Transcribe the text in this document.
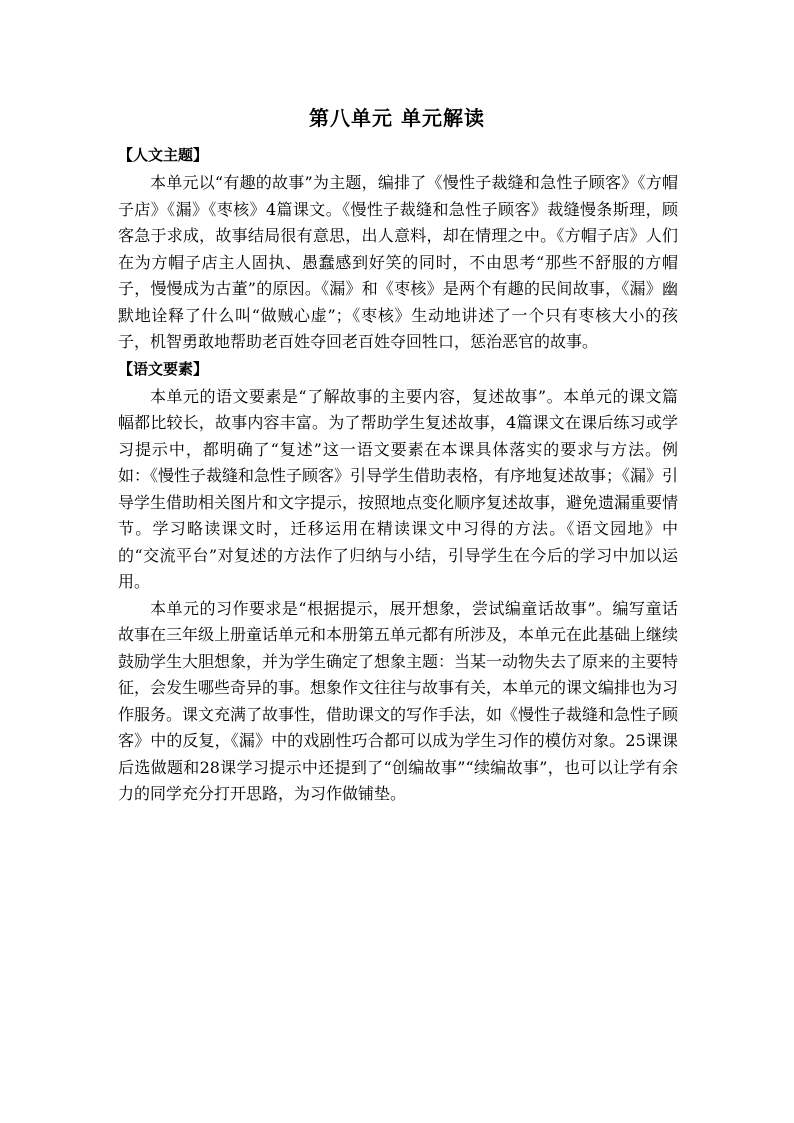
第八单元 单元解读
【人文主题】

本单元以“有趣的故事”为主题，编排了《慢性子裁缝和急性子顾客》《方帽子店》《漏》《枣核》4篇课文。《慢性子裁缝和急性子顾客》裁缝慢条斯理，顾客急于求成，故事结局很有意思，出人意料，却在情理之中。《方帽子店》人们在为方帽子店主人固执、愚蠢感到好笑的同时，不由思考“那些不舒服的方帽子，慢慢成为古董”的原因。《漏》和《枣核》是两个有趣的民间故事，《漏》幽默地诠释了什么叫“做贼心虚”；《枣核》生动地讲述了一个只有枣核大小的孩子，机智勇敢地帮助老百姓夺回老百姓夺回牲口，惩治恶官的故事。

【语文要素】

本单元的语文要素是“了解故事的主要内容，复述故事”。本单元的课文篇幅都比较长，故事内容丰富。为了帮助学生复述故事，4篇课文在课后练习或学习提示中，都明确了“复述”这一语文要素在本课具体落实的要求与方法。例如：《慢性子裁缝和急性子顾客》引导学生借助表格，有序地复述故事；《漏》引导学生借助相关图片和文字提示，按照地点变化顺序复述故事，避免遗漏重要情节。学习略读课文时，迁移运用在精读课文中习得的方法。《语文园地》中的“交流平台”对复述的方法作了归纳与小结，引导学生在今后的学习中加以运用。

本单元的习作要求是“根据提示，展开想象，尝试编童话故事”。编写童话故事在三年级上册童话单元和本册第五单元都有所涉及，本单元在此基础上继续鼓励学生大胆想象，并为学生确定了想象主题：当某一动物失去了原来的主要特征，会发生哪些奇异的事。想象作文往往与故事有关，本单元的课文编排也为习作服务。课文充满了故事性，借助课文的写作手法，如《慢性子裁缝和急性子顾客》中的反复，《漏》中的戏剧性巧合都可以成为学生习作的模仿对象。25课课后选做题和28课学习提示中还提到了“创编故事”“续编故事”，也可以让学有余力的同学充分打开思路，为习作做铺垫。
